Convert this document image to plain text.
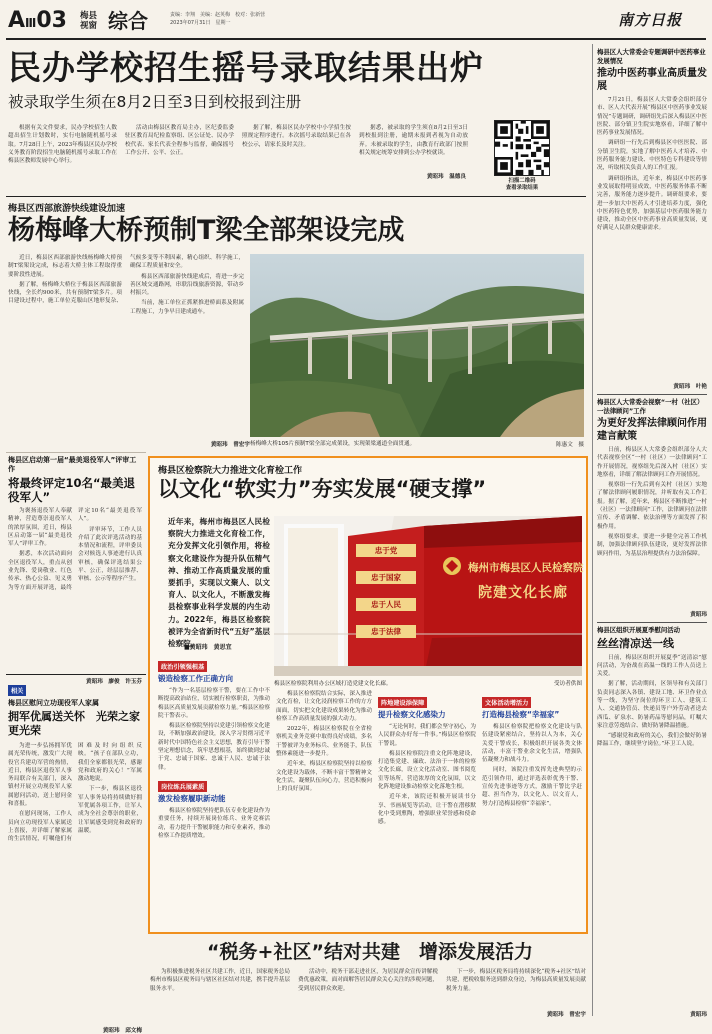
AⅢ03 梅县
视窗 综合	责编：李翔　 美编：赵英梅　 校对：张新营
2023年07月31日　 星期一	南方日报
民办学校招生摇号录取结果出炉
被录取学生须在8月2日至3日到校报到注册

根据有关文件要求，民办学校招生人数超出招生计划数时，实行电脑随机摇号录取。7月28日上午，2023年梅县区民办学校义务教育阶段招生电脑随机摇号录取工作在梅县区教师发展中心举行。

活动由梅县区教育局主办，区纪委监委驻区教育局纪检监察组、区公证处、民办学校代表、家长代表全程参与监督，确保摇号工作公开、公平、公正。

据了解，梅县区民办学校中小学招生按照规定程序进行。本次摇号录取结果已在各校公示，请家长及时关注。

据悉，被录取的学生须在8月2日至3日到校报到注册，逾期未报到者视为自动放弃。未被录取的学生，由教育行政部门按照相关规定统筹安排到公办学校就读。

黄昭玮　温德良
扫描二维码
查看录取结果
梅县区西部旅游快线建设加速
杨梅峰大桥预制T梁全部架设完成

近日，梅县区西部旅游快线杨梅峰大桥预制T梁架设完成，标志着大桥主体工程取得重要阶段性进展。

据了解，杨梅峰大桥位于梅县区西部旅游快线，全长约900米，共有预制T梁多片。项目建设过程中，施工单位克服山区地形复杂、气候多变等不利因素，精心组织、科学施工，确保工程质量和安全。

梅县区西部旅游快线建成后，将进一步完善区域交通路网，串联沿线旅游资源，带动乡村振兴。

当前，施工单位正抓紧推进桥面系及附属工程施工，力争早日建成通车。

黄昭玮　曾宏宇 杨梅峰大桥105片预制T梁全部完成架设，实现架梁通道全面贯通。	陈惠文　摄
梅县区启动第一届“最美退役军人”评审工作
将最终评定10名“最美退役军人”

为褒扬退役军人奉献精神，营造尊崇退役军人的浓厚氛围，近日，梅县区启动第一届“最美退役军人”评审工作。

据悉，本次活动面向全区退役军人，重点从创业先锋、爱岗敬业、红色传承、热心公益、见义勇为等方面开展评选，最终评定10名“最美退役军人”。

评审环节，工作人员介绍了此次评选活动的基本情况和流程，评审委员会对候选人事迹进行认真审核，确保评选结果公平、公正，经层层推荐、审核、公示等程序产生。

黄昭玮　廖俊　许玉芬
相关
梅县区慰问立功现役军人家属
拥军优属送关怀　光荣之家更光荣

为进一步弘扬拥军优属光荣传统，激发广大现役官兵建功军营的热情，近日，梅县区退役军人事务局联合有关部门，深入镇村开展立功现役军人家属慰问活动，送上慰问金和喜报。

在慰问现场，工作人员向立功现役军人家属送上喜报，并详细了解家属的生活情况，叮嘱他们有困难及时向组织反映。“孩子在部队立功，我们全家都很光荣，感谢党和政府的关心！”军属激动地说。

下一步，梅县区退役军人事务局将持续做好拥军优属各项工作，让军人成为全社会尊崇的职业，让军属感受到党和政府的温暖。

黄昭玮　邱文梅
梅县区检察院大力推进文化育检工作
以文化“软实力”夯实发展“硬支撑”
近年来，梅州市梅县区人民检察院大力推进文化育检工作，充分发挥文化引领作用，将检察文化建设作为提升队伍精气神、推动工作高质量发展的重要抓手，实现以文聚人、以文育人、以文化人，不断激发梅县检察事业科学发展的内生动力。2022年，梅县区检察院被评为全省新时代“五好”基层检察院。
■黄昭玮　黄思宜
梅州市梅县区人民检察院
院建文化长廊
忠于党
忠于国家
忠于人民
忠于法律
梅县区检察院利用办公区域打造党建文化长廊。	受访者供图
政治引领强根基
锻造检察工作正确方向

“作为一名基层检察干警，要在工作中不断提高政治站位，切实履行检察职责，为推动梅县区高质量发展贡献检察力量。”梅县区检察院干警表示。

梅县区检察院坚持以党建引领检察文化建设，不断加强政治建设，深入学习贯彻习近平新时代中国特色社会主义思想，教育引导干警坚定理想信念，筑牢思想根基，始终做到忠诚于党、忠诚于国家、忠诚于人民、忠诚于法律。

岗位练兵展素质
激发检察履职新动能

梅县区检察院坚持把队伍专业化建设作为重要任务，持续开展岗位练兵、业务竞赛活动，着力提升干警履职能力和专业素养，推动检察工作提质增效。

梅县区检察院结合实际，深入推进文化育检，让文化浸润检察工作的方方面面，切实把文化建设成果转化为推动检察工作高质量发展的强大动力。

2022年，梅县区检察院在全省检察机关业务竞赛中取得良好成绩，多名干警被评为业务标兵、业务能手，队伍整体素能进一步提升。

近年来，梅县区检察院坚持以检察文化建设为载体，不断丰富干警精神文化生活，凝聚队伍向心力，营造积极向上的良好氛围。

阵地建设添保障
提升检察文化感染力

“无论何时，我们都会坚守初心，为人民群众办好每一件事。”梅县区检察院干警说。

梅县区检察院注重文化阵地建设，打造集党建、廉政、法治于一体的检察文化长廊，设立文化活动室、图书阅览室等场所，营造浓厚的文化氛围，以文化阵地建设推动检察文化落地生根。

近年来，该院还积极开展读书分享、书画展览等活动，让干警在潜移默化中受到熏陶，增强职业荣誉感和使命感。

文体活动增活力
打造梅县检察“幸福家”

梅县区检察院把检察文化建设与队伍建设紧密结合，坚持以人为本，关心关爱干警成长，积极组织开展各类文体活动，丰富干警业余文化生活，增强队伍凝聚力和战斗力。

同时，该院注重发挥先进典型的示范引领作用，通过评选表彰优秀干警、宣传先进事迹等方式，激励干警比学赶超、担当作为，以文化人、以文育人，努力打造梅县检察“幸福家”。

“税务+社区”结对共建　增添发展活力

为积极推进税务社区共建工作，近日，国家税务总局梅州市梅县区税务局与辖区社区结对共建，携手提升基层服务水平。

活动中，税务干部走进社区，为居民群众宣传讲解税费优惠政策，面对面解答居民群众关心关注的涉税问题，受到居民群众欢迎。

下一步，梅县区税务局将持续深化“税务+社区”结对共建，把税收服务送到群众身边，为梅县高质量发展贡献税务力量。

黄昭玮　曾宏宇
梅县区人大常委会专题调研中医药事业发展情况
推动中医药事业高质量发展

7月21日，梅县区人大常委会组织部分市、区人大代表开展“梅县区中医药事业发展情况”专题调研，调研组先后深入梅县区中医医院、部分镇卫生院实地察看，详细了解中医药事业发展情况。

调研组一行先后到梅县区中医医院、部分镇卫生院，实地了解中医药人才培养、中医药服务能力建设、中医特色专科建设等情况，听取相关负责人的工作汇报。

调研组指出，近年来，梅县区中医药事业发展取得明显成效，中医药服务体系不断完善，服务能力逐步提升。调研组要求，要进一步加大中医药人才引进培养力度，强化中医药特色优势，加强基层中医药服务能力建设，推动全区中医药事业高质量发展，更好满足人民群众健康需求。

黄昭玮　叶艳
梅县区人大常委会视察“一村（社区）一法律顾问”工作
为更好发挥法律顾问作用建言献策

日前，梅县区人大常委会组织部分人大代表视察全区“一村（社区）一法律顾问”工作开展情况，视察组先后深入村（社区）实地察看，详细了解法律顾问工作开展情况。

视察组一行先后到有关村（社区）实地了解法律顾问履职情况，并听取有关工作汇报。据了解，近年来，梅县区不断推进“一村（社区）一法律顾问”工作，法律顾问在法律宣传、矛盾调解、依法治理等方面发挥了积极作用。

视察组要求，要进一步健全完善工作机制，加强法律顾问队伍建设，更好发挥法律顾问作用，为基层治理提供有力法治保障。

黄昭玮
梅县区组织开展夏季慰问活动
丝丝清凉送一线

日前，梅县区组织开展夏季“送清凉”慰问活动，为奋战在高温一线的工作人员送上关爱。

据了解，活动期间，区领导和有关部门负责同志深入各镇、建设工地、环卫作业点等一线，为坚守岗位的环卫工人、建筑工人、交通协管员、快递员等户外劳动者送去西瓜、矿泉水、防暑药品等慰问品，叮嘱大家注意劳逸结合、做好防暑降温措施。

“感谢党和政府的关心，我们会做好防暑降温工作，继续坚守岗位。”环卫工人说。

黄昭玮
